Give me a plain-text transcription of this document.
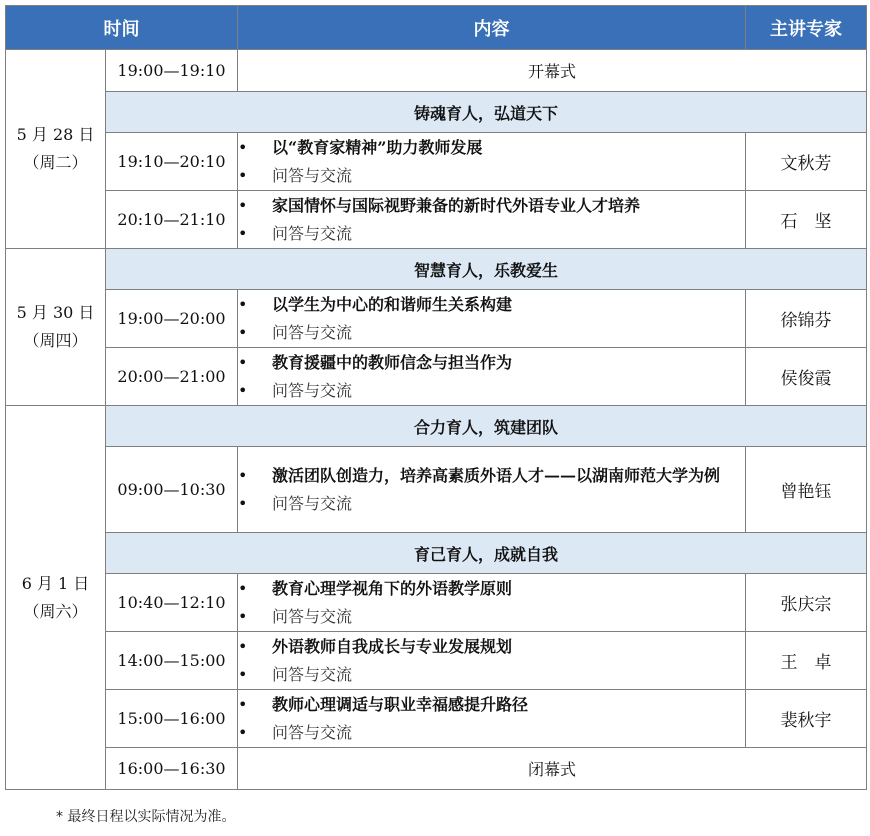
时间		内容	主讲专家

5 月 28 日
（周二）	19:00—19:10	开幕式	
	铸魂育人，弘道天下		
	19:10—20:10	• 以“教育家精神”助力教师发展
• 问答与交流	文秋芳
	20:10—21:10	• 家国情怀与国际视野兼备的新时代外语专业人才培养
• 问答与交流	石　坚

5 月 30 日
（周四）	智慧育人，乐教爱生		
	19:00—20:00	• 以学生为中心的和谐师生关系构建
• 问答与交流	徐锦芬
	20:00—21:00	• 教育援疆中的教师信念与担当作为
• 问答与交流	侯俊霞

6 月 1 日
（周六）	合力育人，筑建团队		
	09:00—10:30	• 激活团队创造力，培养高素质外语人才——以湖南师范大学为例
• 问答与交流	曾艳钰
	育己育人，成就自我		
	10:40—12:10	• 教育心理学视角下的外语教学原则
• 问答与交流	张庆宗
	14:00—15:00	• 外语教师自我成长与专业发展规划
• 问答与交流	王　卓
	15:00—16:00	• 教师心理调适与职业幸福感提升路径
• 问答与交流	裴秋宇
	16:00—16:30	闭幕式	
* 最终日程以实际情况为准。
